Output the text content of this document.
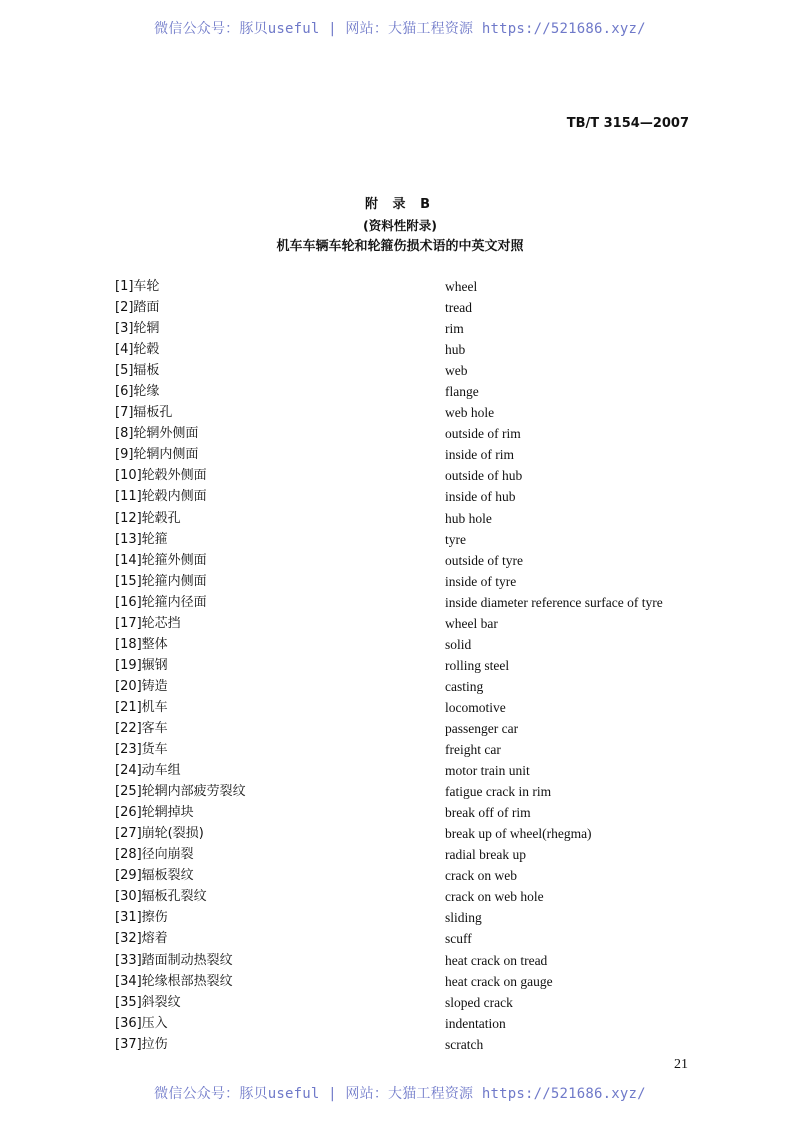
微信公众号：豚贝useful | 网站：大猫工程资源 https://521686.xyz/
TB/T 3154—2007
附 录 B
(资料性附录)
机车车辆车轮和轮箍伤损术语的中英文对照
[1]车轮	wheel
[2]踏面	tread
[3]轮辋	rim
[4]轮毂	hub
[5]辐板	web
[6]轮缘	flange
[7]辐板孔	web hole
[8]轮辋外侧面	outside of rim
[9]轮辋内侧面	inside of rim
[10]轮毂外侧面	outside of hub
[11]轮毂内侧面	inside of hub
[12]轮毂孔	hub hole
[13]轮箍	tyre
[14]轮箍外侧面	outside of tyre
[15]轮箍内侧面	inside of tyre
[16]轮箍内径面	inside diameter reference surface of tyre
[17]轮芯挡	wheel bar
[18]整体	solid
[19]辗钢	rolling steel
[20]铸造	casting
[21]机车	locomotive
[22]客车	passenger car
[23]货车	freight car
[24]动车组	motor train unit
[25]轮辋内部疲劳裂纹	fatigue crack in rim
[26]轮辋掉块	break off of rim
[27]崩轮(裂损)	break up of wheel(rhegma)
[28]径向崩裂	radial break up
[29]辐板裂纹	crack on web
[30]辐板孔裂纹	crack on web hole
[31]擦伤	sliding
[32]熔着	scuff
[33]踏面制动热裂纹	heat crack on tread
[34]轮缘根部热裂纹	heat crack on gauge
[35]斜裂纹	sloped crack
[36]压入	indentation
[37]拉伤	scratch
21
微信公众号：豚贝useful | 网站：大猫工程资源 https://521686.xyz/
